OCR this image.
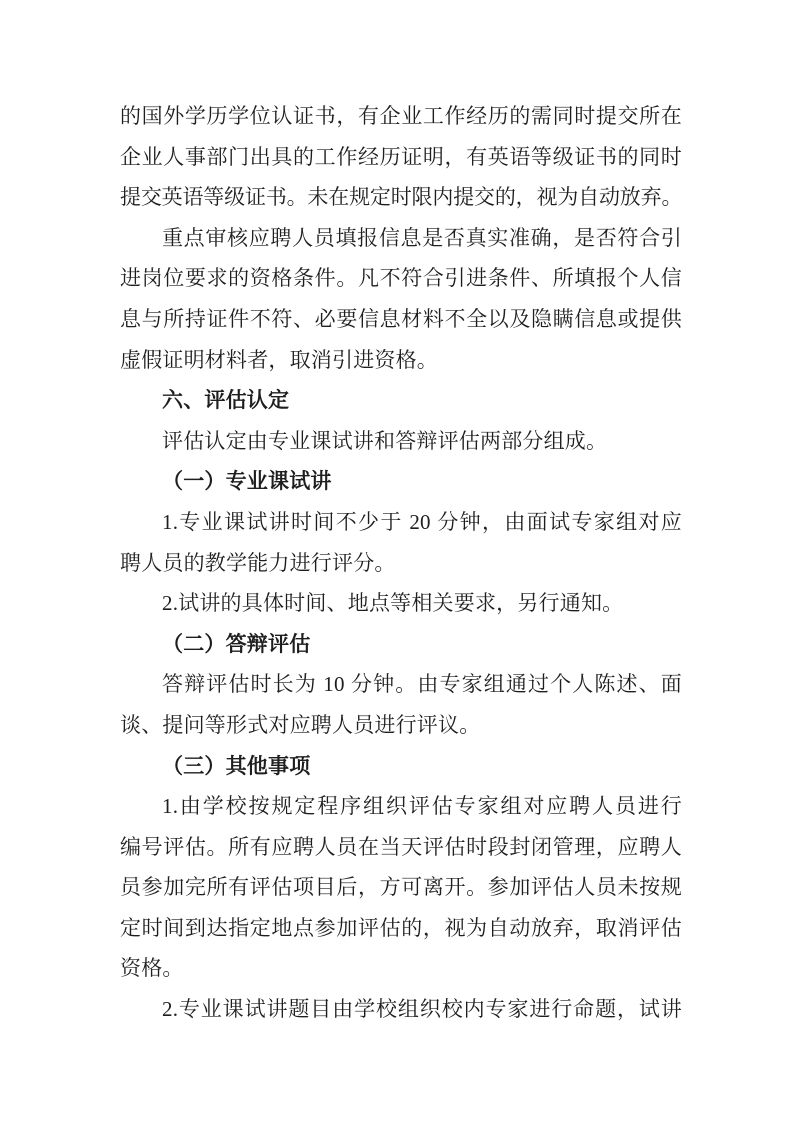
的国外学历学位认证书，有企业工作经历的需同时提交所在

企业人事部门出具的工作经历证明，有英语等级证书的同时

提交英语等级证书。未在规定时限内提交的，视为自动放弃。

重点审核应聘人员填报信息是否真实准确，是否符合引

进岗位要求的资格条件。凡不符合引进条件、所填报个人信

息与所持证件不符、必要信息材料不全以及隐瞒信息或提供

虚假证明材料者，取消引进资格。

六、评估认定

评估认定由专业课试讲和答辩评估两部分组成。

（一）专业课试讲

1.专业课试讲时间不少于 20 分钟，由面试专家组对应

聘人员的教学能力进行评分。

2.试讲的具体时间、地点等相关要求，另行通知。

（二）答辩评估

答辩评估时长为 10 分钟。由专家组通过个人陈述、面

谈、提问等形式对应聘人员进行评议。

（三）其他事项

1.由学校按规定程序组织评估专家组对应聘人员进行

编号评估。所有应聘人员在当天评估时段封闭管理，应聘人

员参加完所有评估项目后，方可离开。参加评估人员未按规

定时间到达指定地点参加评估的，视为自动放弃，取消评估

资格。

2.专业课试讲题目由学校组织校内专家进行命题，试讲
